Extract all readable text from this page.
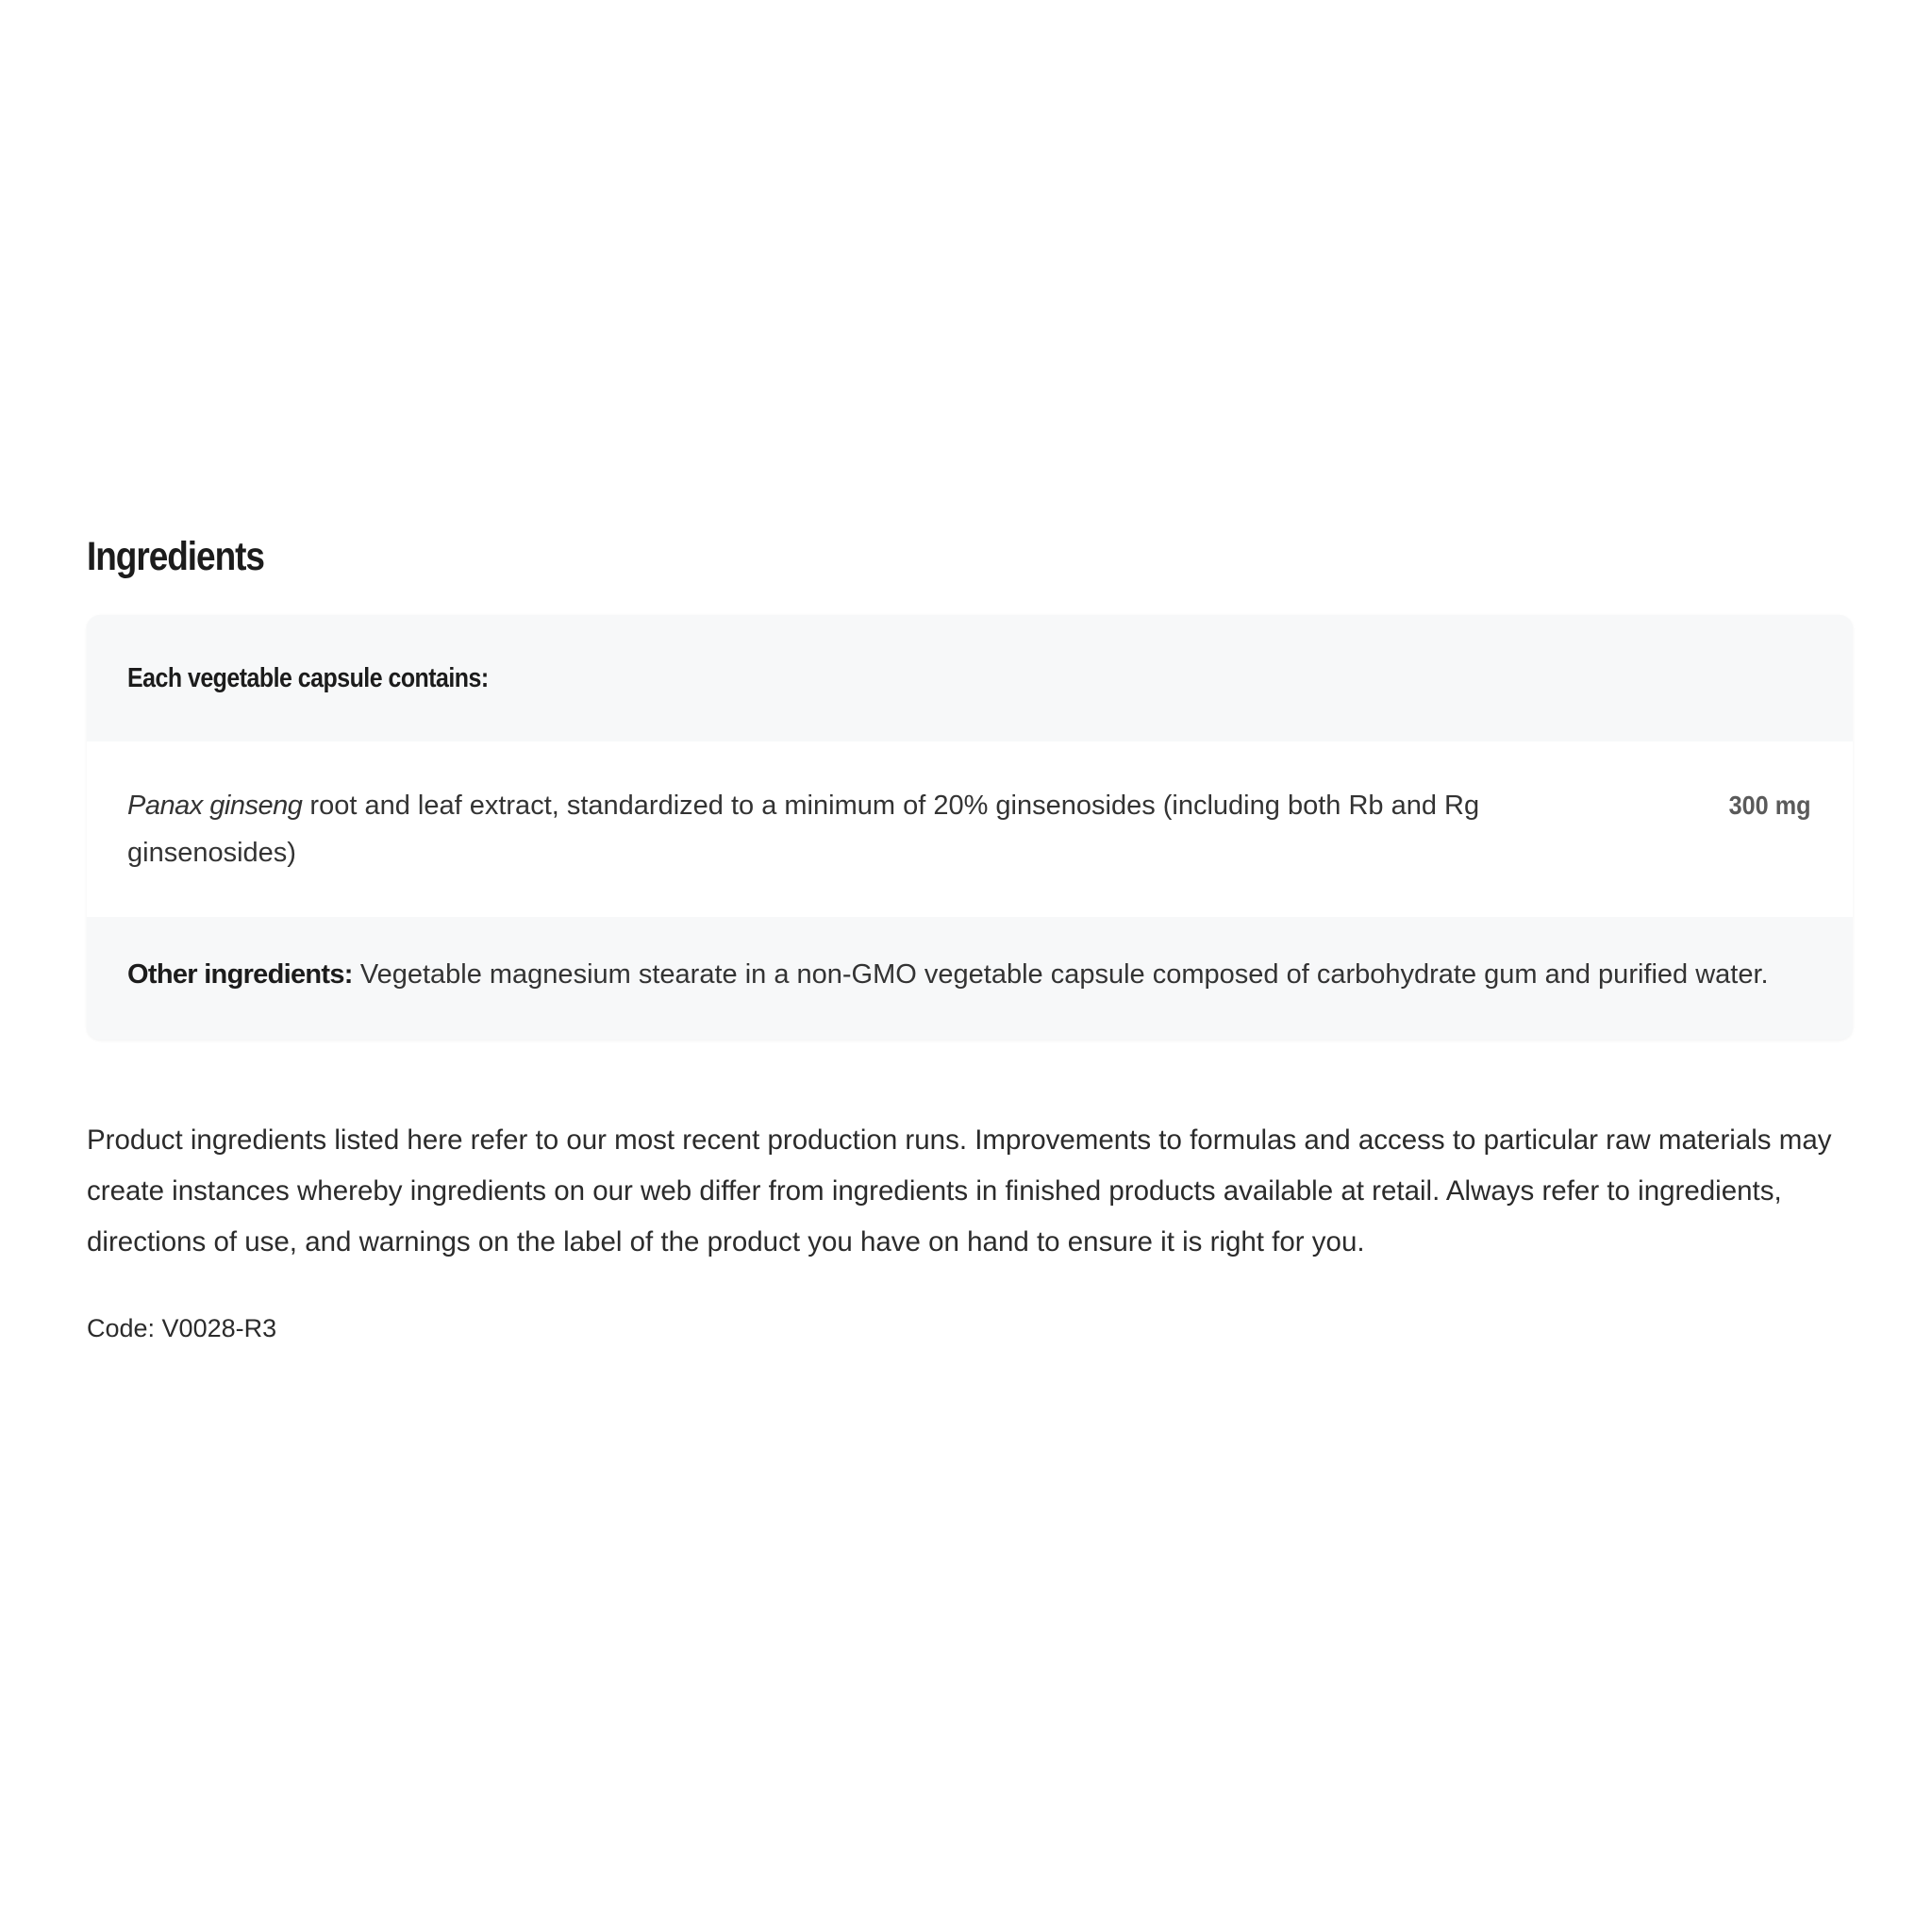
Ingredients
Each vegetable capsule contains:
Panax ginseng root and leaf extract, standardized to a minimum of 20% ginsenosides (including both Rb and Rg ginsenosides)
300 mg
Other ingredients: Vegetable magnesium stearate in a non-GMO vegetable capsule composed of carbohydrate gum and purified water.

Product ingredients listed here refer to our most recent production runs. Improvements to formulas and access to particular raw materials may create instances whereby ingredients on our web differ from ingredients in finished products available at retail. Always refer to ingredients, directions of use, and warnings on the label of the product you have on hand to ensure it is right for you.

Code: V0028-R3
